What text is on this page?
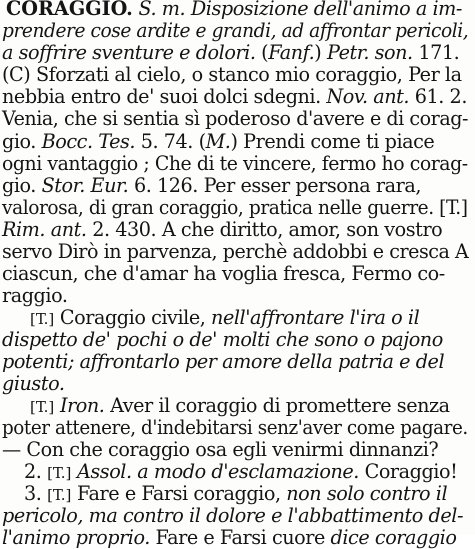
CORAGGIO. S. m. Disposizione dell'animo a im-
prendere cose ardite e grandi, ad affrontar pericoli,
a soffrire sventure e dolori. (Fanf.) Petr. son. 171.
(C) Sforzati al cielo, o stanco mio coraggio, Per la
nebbia entro de' suoi dolci sdegni. Nov. ant. 61. 2.
Venia, che si sentia sì poderoso d'avere e di corag-
gio. Bocc. Tes. 5. 74. (M.) Prendi come ti piace
ogni vantaggio ; Che di te vincere, fermo ho corag-
gio. Stor. Eur. 6. 126. Per esser persona rara,
valorosa, di gran coraggio, pratica nelle guerre. [T.]
Rim. ant. 2. 430. A che diritto, amor, son vostro
servo Dirò in parvenza, perchè addobbi e cresca A
ciascun, che d'amar ha voglia fresca, Fermo co-
raggio.
[T.] Coraggio civile, nell'affrontare l'ira o il
dispetto de' pochi o de' molti che sono o pajono
potenti; affrontarlo per amore della patria e del
giusto.
[T.] Iron. Aver il coraggio di promettere senza
poter attenere, d'indebitarsi senz'aver come pagare.
— Con che coraggio osa egli venirmi dinnanzi?
2. [T.] Assol. a modo d'esclamazione. Coraggio!
3. [T.] Fare e Farsi coraggio, non solo contro il
pericolo, ma contro il dolore e l'abbattimento del-
l'animo proprio. Fare e Farsi cuore dice coraggio
